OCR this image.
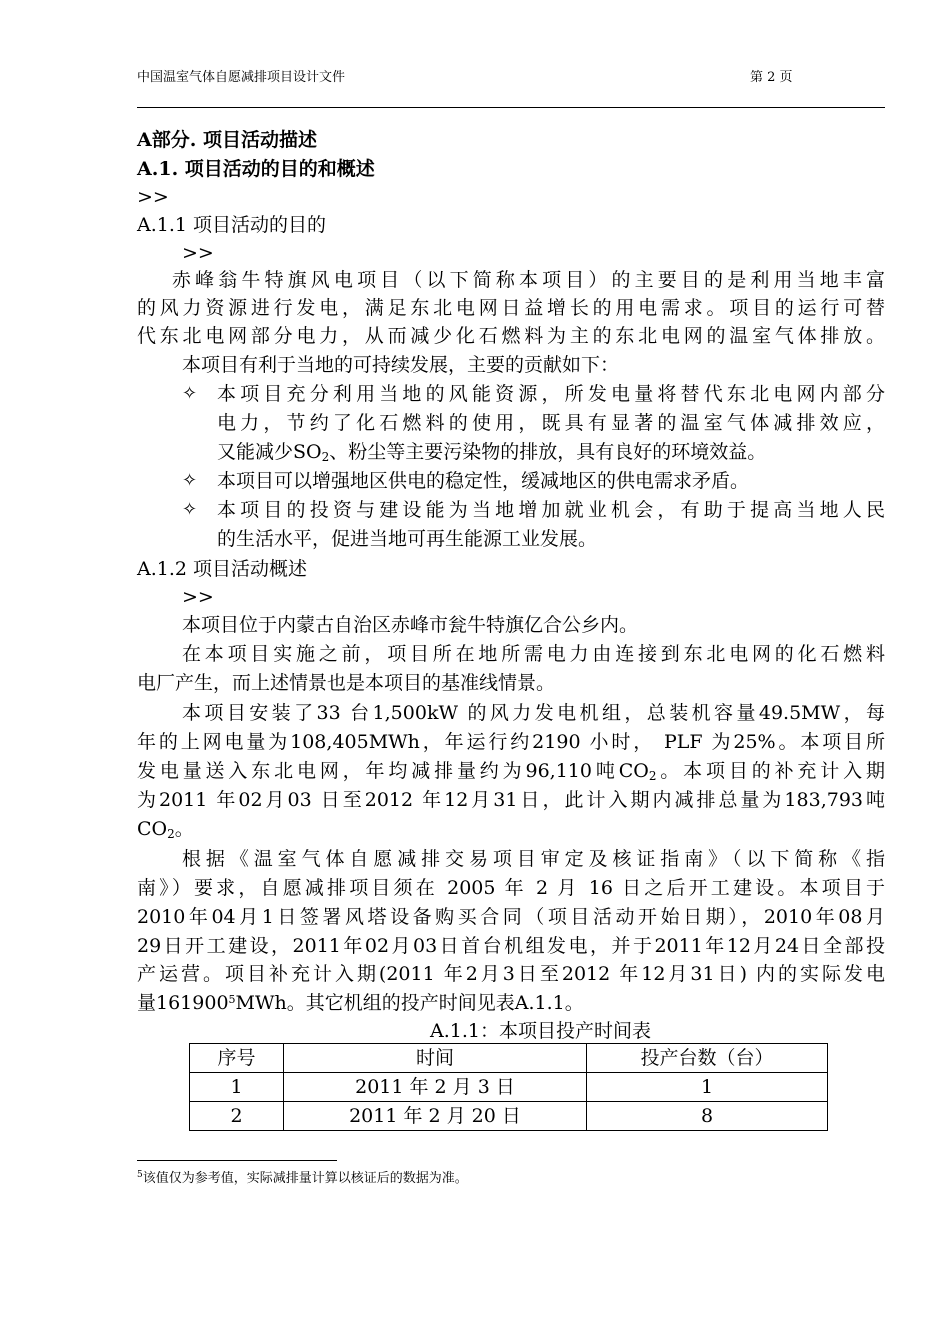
中国温室气体自愿减排项目设计文件	第 2 页
A部分. 项目活动描述
A.1. 项目活动的目的和概述
>>
A.1.1 项目活动的目的
>>
赤峰翁牛特旗风电项目（以下简称本项目）的主要目的是利用当地丰富
的风力资源进行发电，满足东北电网日益增长的用电需求。项目的运行可替
代东北电网部分电力，从而减少化石燃料为主的东北电网的温室气体排放。
本项目有利于当地的可持续发展，主要的贡献如下：
✧ 本项目充分利用当地的风能资源，所发电量将替代东北电网内部分
电力，节约了化石燃料的使用，既具有显著的温室气体减排效应，
又能减少$SO_2$、粉尘等主要污染物的排放，具有良好的环境效益。
✧ 本项目可以增强地区供电的稳定性，缓减地区的供电需求矛盾。
✧ 本项目的投资与建设能为当地增加就业机会，有助于提高当地人民
的生活水平，促进当地可再生能源工业发展。
A.1.2 项目活动概述
>>
本项目位于内蒙古自治区赤峰市瓮牛特旗亿合公乡内。
在本项目实施之前，项目所在地所需电力由连接到东北电网的化石燃料
电厂产生，而上述情景也是本项目的基准线情景。
本项目安装了33 台1,500kW 的风力发电机组，总装机容量49.5MW，每
年的上网电量为108,405MWh，年运行约2190 小时， PLF 为25%。本项目所
发电量送入东北电网，年均减排量约为96,110吨$CO_2$。本项目的补充计入期
为2011 年02月03 日至2012 年12月31日，此计入期内减排总量为183,793吨
$CO_2$。
根据《温室气体自愿减排交易项目审定及核证指南》（以下简称《指
南》）要求，自愿减排项目须在 2005 年 2 月 16 日之后开工建设。本项目于
2010年04月1日签署风塔设备购买合同（项目活动开始日期），2010年08月
29日开工建设，2011年02月03日首台机组发电，并于2011年12月24日全部投
产运营。项目补充计入期(2011 年2月3日至2012 年12月31日) 内的实际发电
量161900$^5$MWh。其它机组的投产时间见表A.1.1。
A.1.1：本项目投产时间表
序号	时间	投产台数（台）
1	2011 年 2 月 3 日	1
2	2011 年 2 月 20 日	8
$^5$该值仅为参考值，实际减排量计算以核证后的数据为准。
